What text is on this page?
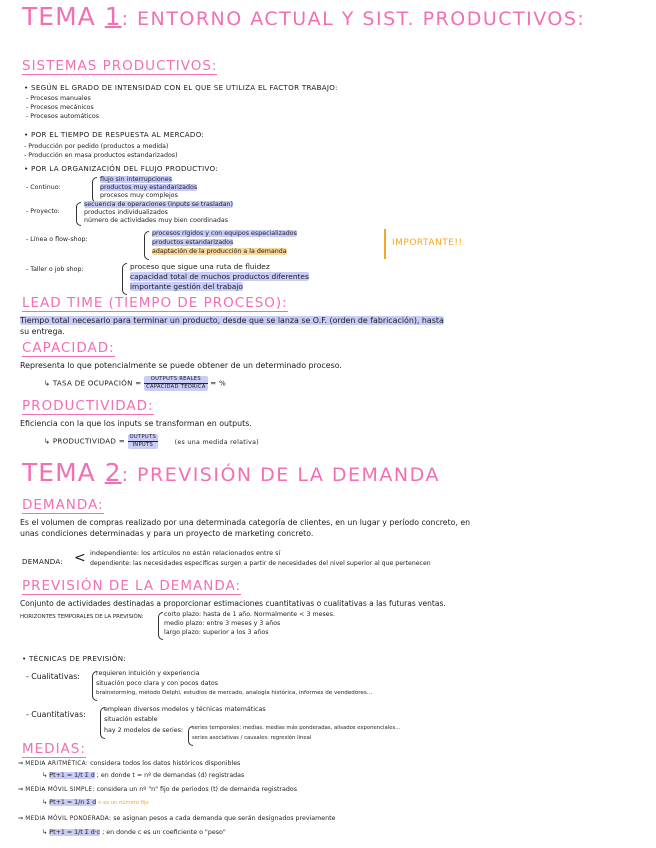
TEMA 1: ENTORNO ACTUAL Y SIST. PRODUCTIVOS:
SISTEMAS PRODUCTIVOS:
• SEGÚN EL GRADO DE INTENSIDAD CON EL QUE SE UTILIZA EL FACTOR TRABAJO:
- Procesos manuales
- Procesos mecánicos
- Procesos automáticos
• POR EL TIEMPO DE RESPUESTA AL MERCADO:
- Producción por pedido (productos a medida)
- Producción en masa productos estandarizados)
• POR LA ORGANIZACIÓN DEL FLUJO PRODUCTIVO:
- Continuo:
flujo sin interrupciones
productos muy estandarizados
procesos muy complejos
- Proyecto:
secuencia de operaciones (inputs se trasladan)
productos individualizados
número de actividades muy bien coordinadas
- Línea o flow-shop:
procesos rígidos y con equipos especializados
productos estandarizados
adaptación de la producción a la demanda
IMPORTANTE!!
- Taller o job shop:	proceso que sigue una ruta de fluidez
capacidad total de muchos productos diferentes
importante gestión del trabajo
LEAD TIME (TIEMPO DE PROCESO):
Tiempo total necesario para terminar un producto, desde que se lanza se O.F. (orden de fabricación), hasta
su entrega.
CAPACIDAD:
Representa lo que potencialmente se puede obtener de un determinado proceso.
↳ TASA DE OCUPACIÓN = $\frac{\text{OUTPUTS REALES}}{\text{CAPACIDAD TEÓRICA}}$ = %
PRODUCTIVIDAD:
Eficiencia con la que los inputs se transforman en outputs.
↳ PRODUCTIVIDAD = $\frac{\text{OUTPUTS}}{\text{INPUTS}}$	(es una medida relativa)
TEMA 2: PREVISIÓN DE LA DEMANDA
DEMANDA:
Es el volumen de compras realizado por una determinada categoría de clientes, en un lugar y período concreto, en
unas condiciones determinadas y para un proyecto de marketing concreto.
DEMANDA: < independiente: los artículos no están relacionados entre sí
dependiente: las necesidades específicas surgen a partir de necesidades del nivel superior al que pertenecen
PREVISIÓN DE LA DEMANDA:
Conjunto de actividades destinadas a proporcionar estimaciones cuantitativas o cualitativas a las futuras ventas.
HORIZONTES TEMPORALES DE LA PREVISIÓN:	corto plazo: hasta de 1 año. Normalmente < 3 meses.
medio plazo: entre 3 meses y 3 años
largo plazo: superior a los 3 años
• TÉCNICAS DE PREVISIÓN:
- Cualitativas:	requieren intuición y experiencia
situación poco clara y con pocos datos
brainstorming, método Delphi, estudios de mercado, analogía histórica, informes de vendedores...
- Cuantitativas:
emplean diversos modelos y técnicas matemáticas
situación estable
hay 2 modelos de series: series temporales: medias, medias más ponderadas, alisados exponenciales...
series asociativas / causales: regresión lineal
MEDIAS:
⇒ MEDIA ARITMÉTICA: considera todos los datos históricos disponibles
↳ Pt+1 = 1/t Σ d ; en donde t = nº de demandas (d) registradas
⇒ MEDIA MÓVIL SIMPLE: considera un nº "n" fijo de periodos (t) de demanda registrados
↳ Pt+1 = 1/n Σ d n es un número fijo
⇒ MEDIA MÓVIL PONDERADA: se asignan pesos a cada demanda que serán designados previamente
↳ Pt+1 = 1/t Σ d·c ; en donde c es un coeficiente o "peso"
